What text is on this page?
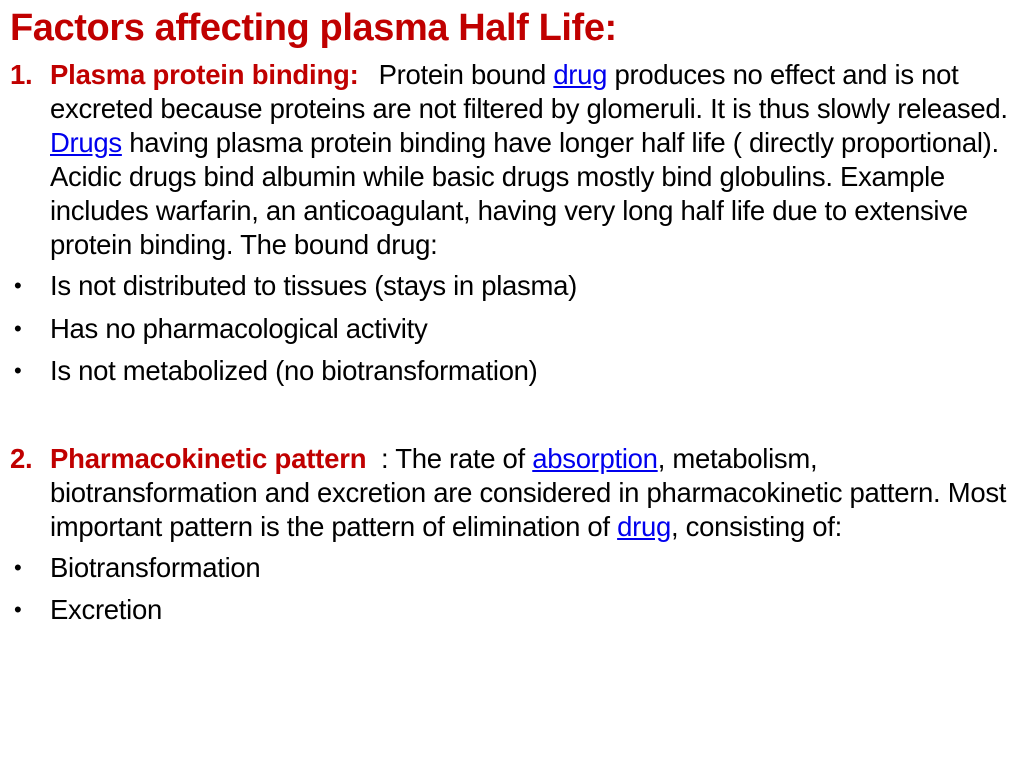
Factors affecting plasma Half Life:
1. Plasma protein binding: Protein bound drug produces no effect and is not excreted because proteins are not filtered by glomeruli. It is thus slowly released. Drugs having plasma protein binding have longer half life ( directly proportional). Acidic drugs bind albumin while basic drugs mostly bind globulins. Example includes warfarin, an anticoagulant, having very long half life due to extensive protein binding. The bound drug:
• Is not distributed to tissues (stays in plasma)
• Has no pharmacological activity
• Is not metabolized (no biotransformation)
2. Pharmacokinetic pattern  : The rate of absorption, metabolism, biotransformation and excretion are considered in pharmacokinetic pattern. Most important pattern is the pattern of elimination of drug, consisting of:
• Biotransformation
• Excretion
